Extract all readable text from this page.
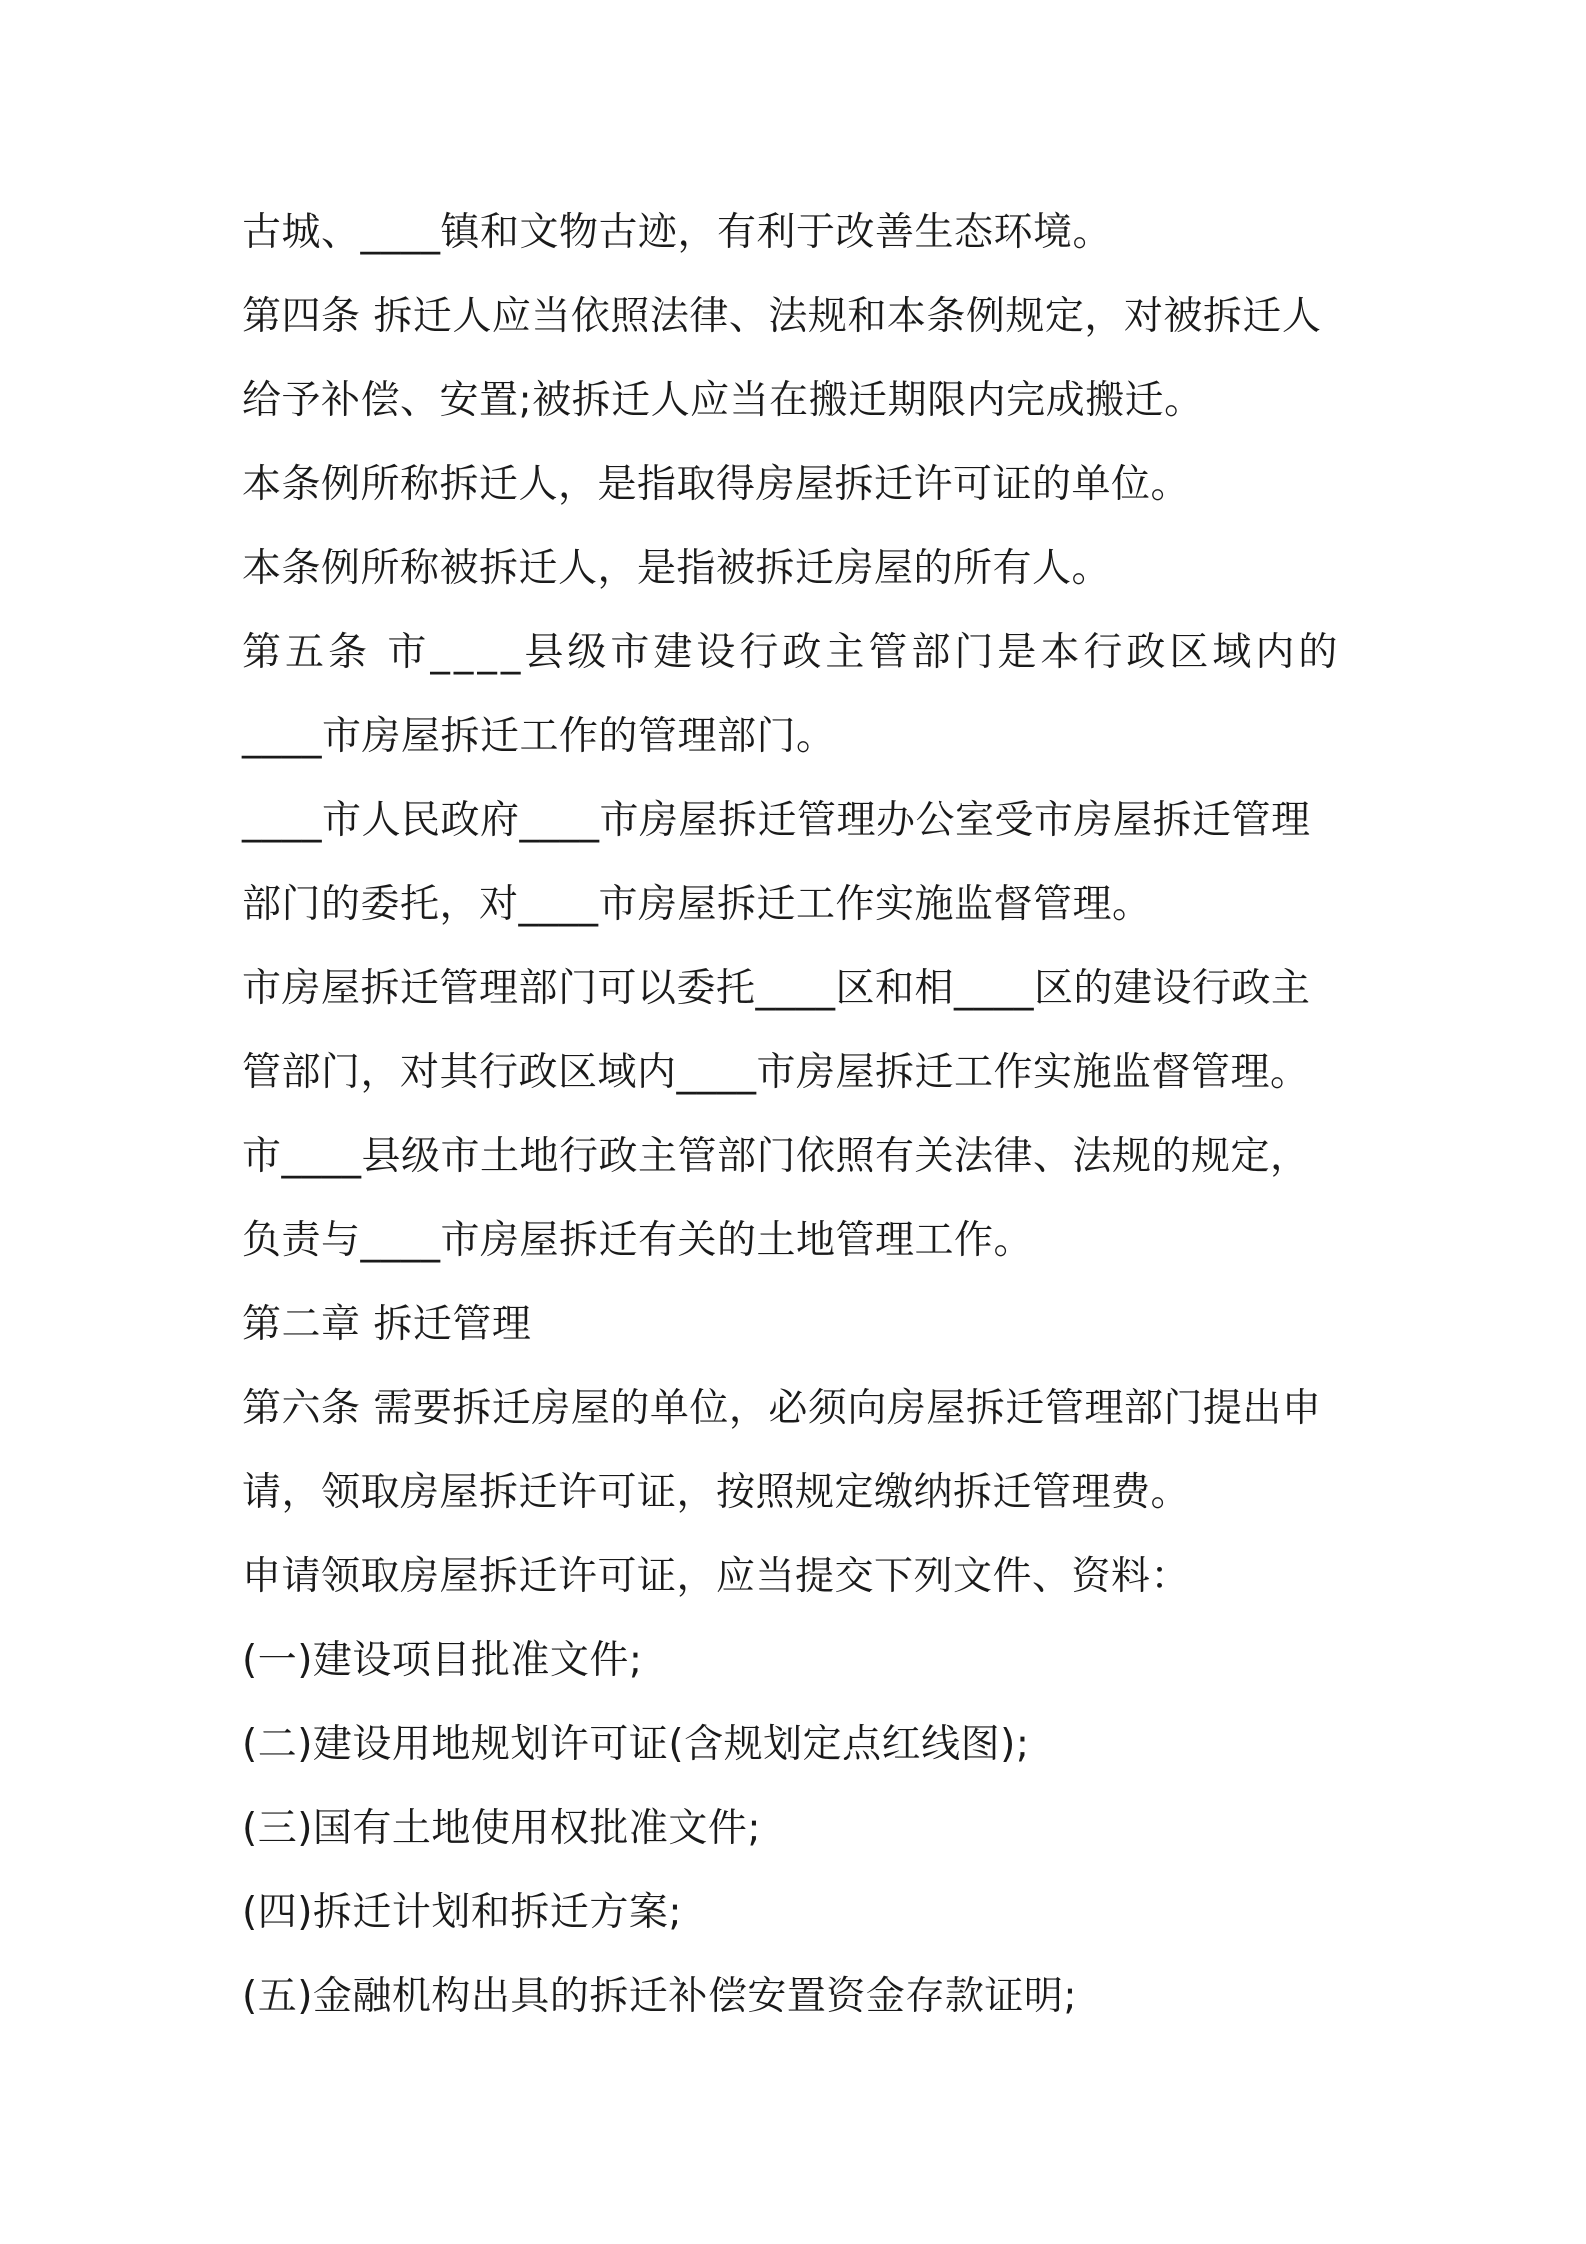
古城、____镇和文物古迹，有利于改善生态环境。
第四条 拆迁人应当依照法律、法规和本条例规定，对被拆迁人
给予补偿、安置;被拆迁人应当在搬迁期限内完成搬迁。
本条例所称拆迁人，是指取得房屋拆迁许可证的单位。
本条例所称被拆迁人，是指被拆迁房屋的所有人。
第五条 市____县级市建设行政主管部门是本行政区域内的
____市房屋拆迁工作的管理部门。
____市人民政府____市房屋拆迁管理办公室受市房屋拆迁管理
部门的委托，对____市房屋拆迁工作实施监督管理。
市房屋拆迁管理部门可以委托____区和相____区的建设行政主
管部门，对其行政区域内____市房屋拆迁工作实施监督管理。
市____县级市土地行政主管部门依照有关法律、法规的规定，
负责与____市房屋拆迁有关的土地管理工作。
第二章 拆迁管理
第六条 需要拆迁房屋的单位，必须向房屋拆迁管理部门提出申
请，领取房屋拆迁许可证，按照规定缴纳拆迁管理费。
申请领取房屋拆迁许可证，应当提交下列文件、资料：
(一)建设项目批准文件;
(二)建设用地规划许可证(含规划定点红线图);
(三)国有土地使用权批准文件;
(四)拆迁计划和拆迁方案;
(五)金融机构出具的拆迁补偿安置资金存款证明;
